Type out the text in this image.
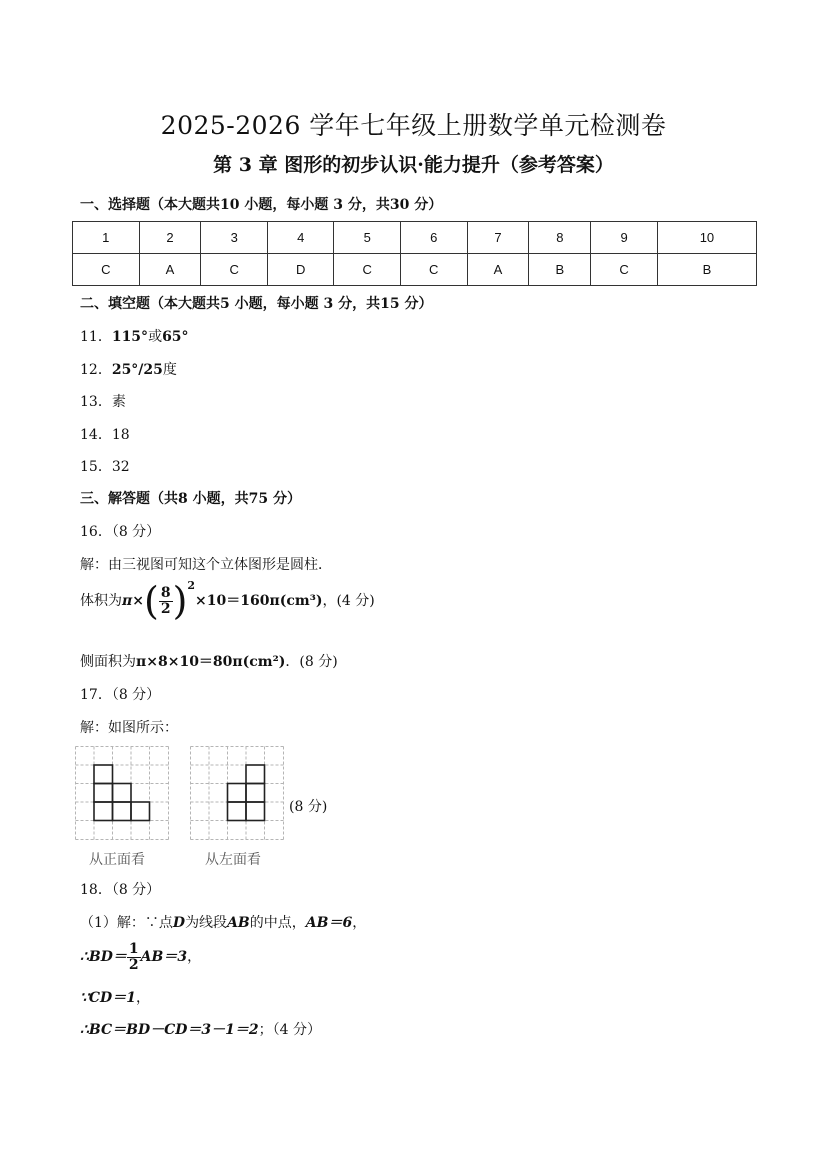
2025-2026 学年七年级上册数学单元检测卷
第 3 章 图形的初步认识·能力提升（参考答案）
一、选择题（本大题共10 小题，每小题 3 分，共30 分）
1	2	3	4	5	6	7	8	9	10
C	A	C	D	C	C	A	B	C	B
二、填空题（本大题共5 小题，每小题 3 分，共15 分）
11．115°或65°
12．25°/25度
13．素
14．18
15．32
三、解答题（共8 小题，共75 分）
16．（8 分）
解：由三视图可知这个立体图形是圆柱．
体积为$\pi\times( \frac{8}{2} )^2\times 10=160\pi(cm^3)$，(4 分)
侧面积为π×8×10＝80π(cm²)．(8 分)
17．（8 分）
解：如图所示：
(8 分)
从正面看	从左面看
18．（8 分）
（1）解：∵点D为线段AB的中点，AB＝6，
∴BD＝ $\frac{1}{2} AB=3$，
∵CD＝1，
∴BC＝BD－CD＝3－1＝2；（4 分）
